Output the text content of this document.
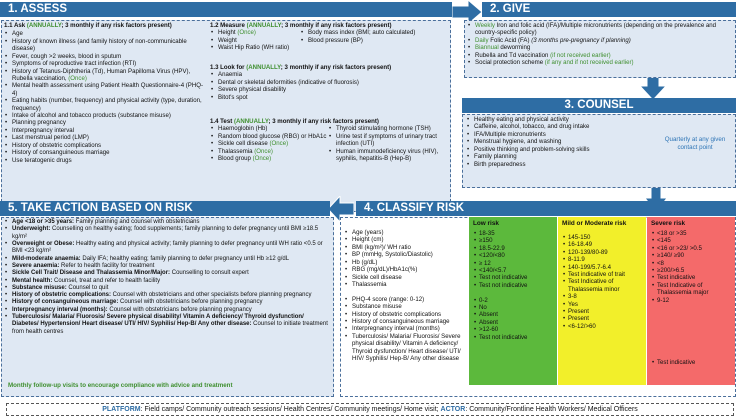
1. ASSESS
1.1 Ask (ANNUALLY; 3 monthly if any risk factors present)
• Age
• History of known illness (and family history of non-communicable disease)
• Fever, cough >2 weeks, blood in sputum
• Symptoms of reproductive tract infection (RTI)
• History of Tetanus-Diphtheria (Td), Human Papilloma Virus (HPV), Rubella vaccination, (Once)
• Mental health assessment using Patient Health Questionnaire-4 (PHQ-4)
• Eating habits (number, frequency) and physical activity (type, duration, frequency)
• Intake of alcohol and tobacco products (substance misuse)
• Planning pregnancy
• Interpregnancy interval
• Last menstrual period (LMP)
• History of obstetric complications
• History of consanguineous marriage
• Use teratogenic drugs
1.2 Measure (ANNUALLY; 3 monthly if any risk factors present)
• Height (Once)
• Weight
• Waist Hip Ratio (WH ratio)
• Body mass index (BMI; auto calculated)
• Blood pressure (BP)
1.3 Look for (ANNUALLY; 3 monthly if any risk factors present)
• Anaemia
• Dental or skeletal deformities (indicative of fluorosis)
• Severe physical disability
• Bitot's spot
1.4 Test (ANNUALLY; 3 monthly if any risk factors present)
• Haemoglobin (Hb)
• Random blood glucose (RBG) or HbA1c
• Sickle cell disease (Once)
• Thalassemia (Once)
• Blood group (Once)
• Thyroid stimulating hormone (TSH)
• Urine test if symptoms of urinary tract infection (UTI)
• Human immunodeficiency virus (HIV), syphilis, hepatitis-B (Hep-B)
2. GIVE
• Weekly Iron and folic acid (IFA)/Multiple micronutrients (depending on the prevalence and country-specific policy)
• Daily Folic Acid (FA) (3 months pre-pregnancy if planning)
• Biannual deworming
• Rubella and Td vaccination (if not received earlier)
• Social protection scheme (if any and if not received earlier)
3. COUNSEL
• Healthy eating and physical activity
• Caffeine, alcohol, tobacco, and drug intake
• IFA/Multiple micronutrients
• Menstrual hygiene, and washing
• Positive thinking and problem-solving skills
• Family planning
• Birth preparedness
Quarterly at any given contact point
5. TAKE ACTION BASED ON RISK
• Age <18 or >35 years: Family planning and counsel with obstetricians
• Underweight: Counselling on healthy eating; food supplements; family planning to defer pregnancy until BMI ≥18.5 kg/m²
• Overweight or Obese: Healthy eating and physical activity; family planning to defer pregnancy until WH ratio <0.5 or BMI <23 kg/m²
• Mild-moderate anaemia: Daily IFA; healthy eating; family planning to defer pregnancy until Hb ≥12 g/dL
• Severe anaemia: Refer to health facility for treatment
• Sickle Cell Trait/ Disease and Thalassemia Minor/Major: Counselling to consult expert
• Mental health: Counsel, treat and refer to health facility
• Substance misuse: Counsel to quit
• History of obstetric complications: Counsel with obstetricians and other specialists before planning pregnancy
• History of consanguineous marriage: Counsel with obstetricians before planning pregnancy
• Interpregnancy interval (months): Counsel with obstetricians before planning pregnancy
• Tuberculosis/ Malaria/ Fluorosis/ Severe physical disability/ Vitamin A deficiency/ Thyroid dysfunction/ Diabetes/ Hypertension/ Heart disease/ UTI/ HIV/ Syphilis/ Hep-B/ Any other disease: Counsel to initiate treatment from health centres
Monthly follow-up visits to encourage compliance with advice and treatment
4. CLASSIFY RISK
• Age (years)
• Height (cm)
• BMI (kg/m²)/ WH ratio
• BP (mmHg, Systolic/Diastolic)
• Hb (g/dL)
• RBG (mg/dL)/HbA1c(%)
• Sickle cell disease
• Thalassemia
• PHQ-4 score (range: 0-12)
• Substance misuse
• History of obstetric complications
• History of consanguineous marriage
• Interpregnancy interval (months)
• Tuberculosis/ Malaria/ Fluorosis/ Severe physical disability/ Vitamin A deficiency/ Thyroid dysfunction/ Heart disease/ UTI/ HIV/ Syphilis/ Hep-B/ Any other disease
Low risk
• 18-35
• ≥150
• 18.5-22.9
• <120/<80
• ≥ 12
• <140/<5.7
• Test not indicative
• Test not indicative
• 0-2
• No
• Absent
• Absent
• >12-60
• Test not indicative
Mild or Moderate risk
• 145-150
• 16-18.49
• 120-139/80-89
• 8-11.9
• 140-199/5.7-6.4
• Test indicative of trait
• Test Indicative of Thalassemia minor
• 3-8
• Yes
• Present
• Present
• <6-12/>60
Severe risk
• <18 or >35
• <145
• <16 or >23/ >0.5
• ≥140/ ≥90
• <8
• ≥200/>6.5
• Test indicative
• Test Indicative of Thalassemia major
• 9-12
• Test indicative
PLATFORM: Field camps/ Community outreach sessions/ Health Centres/ Community meetings/ Home visit; ACTOR: Community/Frontline Health Workers/ Medical Officers
